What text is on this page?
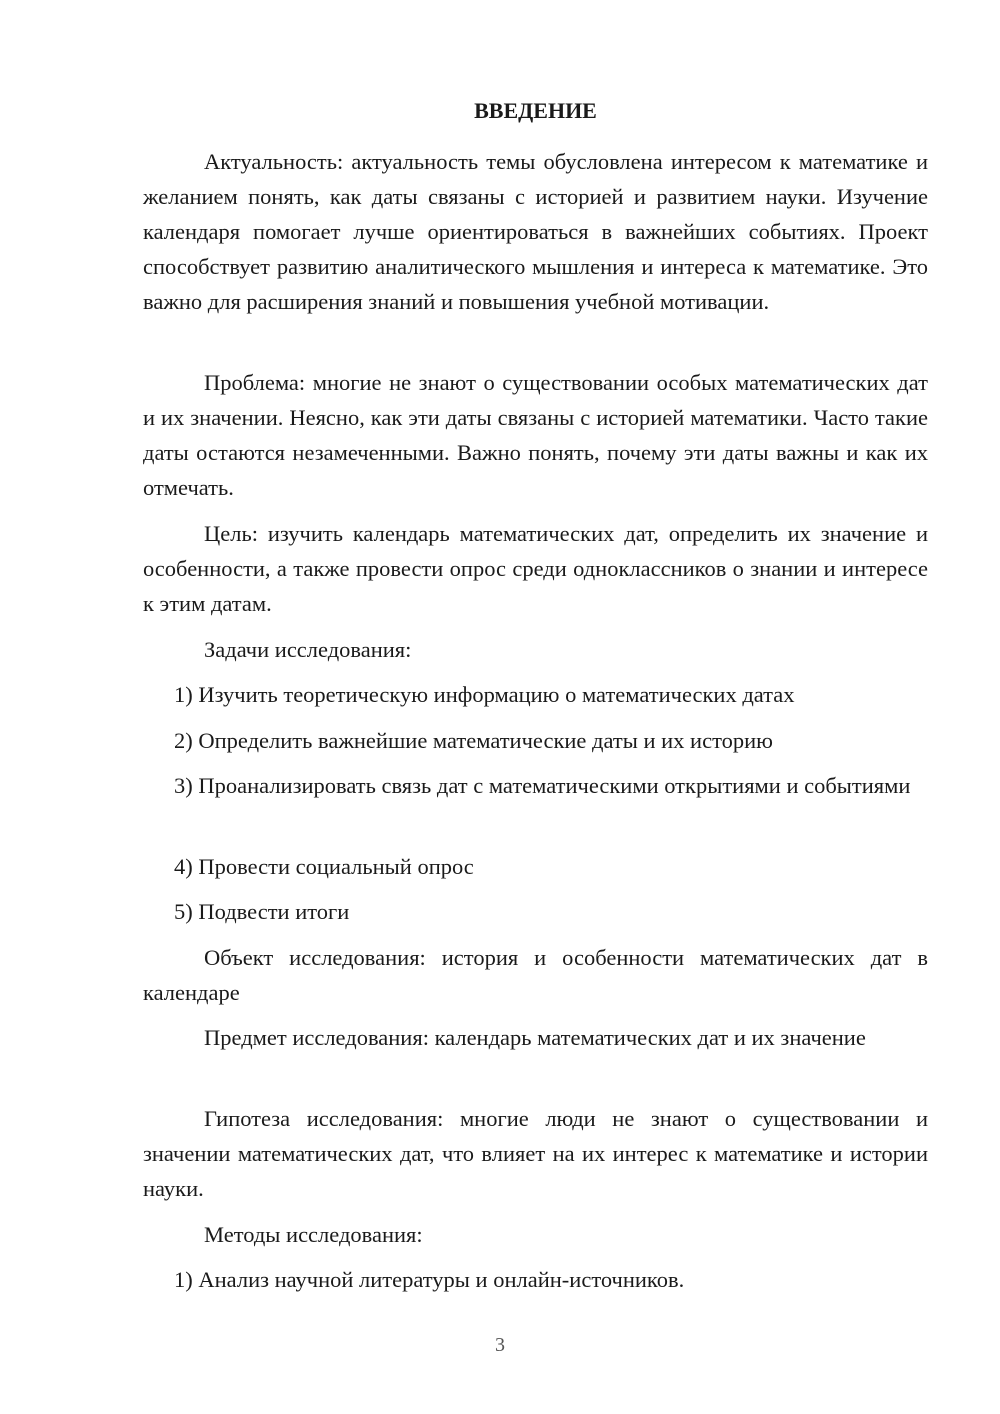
ВВЕДЕНИЕ
Актуальность: актуальность темы обусловлена интересом к математике и желанием понять, как даты связаны с историей и развитием науки. Изучение календаря помогает лучше ориентироваться в важнейших событиях. Проект способствует развитию аналитического мышления и интереса к математике. Это важно для расширения знаний и повышения учебной мотивации.
Проблема: многие не знают о существовании особых математических дат и их значении. Неясно, как эти даты связаны с историей математики. Часто такие даты остаются незамеченными. Важно понять, почему эти даты важны и как их отмечать.
Цель: изучить календарь математических дат, определить их значение и особенности, а также провести опрос среди одноклассников о знании и интересе к этим датам.
Задачи исследования:
1) Изучить теоретическую информацию о математических датах
2) Определить важнейшие математические даты и их историю
3) Проанализировать связь дат с математическими открытиями и событиями
4) Провести социальный опрос
5) Подвести итоги
Объект исследования: история и особенности математических дат в календаре
Предмет исследования: календарь математических дат и их значение
Гипотеза исследования: многие люди не знают о существовании и значении математических дат, что влияет на их интерес к математике и истории науки.
Методы исследования:
1) Анализ научной литературы и онлайн-источников.
3
